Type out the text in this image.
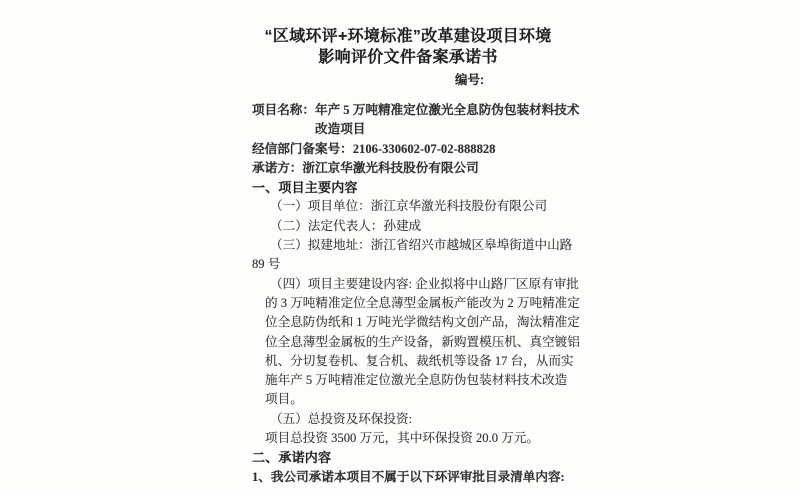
“区域环评+环境标准”改革建设项目环境
影响评价文件备案承诺书
编号:
项目名称：年产 5 万吨精准定位激光全息防伪包装材料技术
改造项目
经信部门备案号：2106-330602-07-02-888828
承诺方：浙江京华激光科技股份有限公司
一、项目主要内容
（一）项目单位：浙江京华激光科技股份有限公司
（二）法定代表人：孙建成
（三）拟建地址：浙江省绍兴市越城区皋埠街道中山路
89 号
（四）项目主要建设内容: 企业拟将中山路厂区原有审批
的 3 万吨精准定位全息薄型金属板产能改为 2 万吨精准定
位全息防伪纸和 1 万吨光学微结构文创产品，淘汰精准定
位全息薄型金属板的生产设备，新购置模压机、真空镀铝
机、分切复卷机、复合机、裁纸机等设备 17 台，从而实
施年产 5 万吨精准定位激光全息防伪包装材料技术改造
项目。
（五）总投资及环保投资:
项目总投资 3500 万元，其中环保投资 20.0 万元。
二、承诺内容
1、我公司承诺本项目不属于以下环评审批目录清单内容:
